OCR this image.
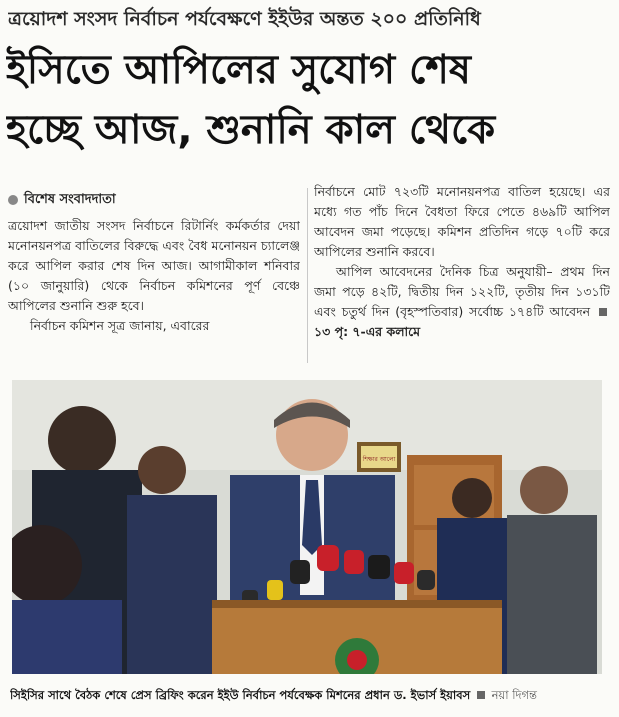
ত্রয়োদশ সংসদ নির্বাচন পর্যবেক্ষণে ইইউর অন্তত ২০০ প্রতিনিধি
ইসিতে আপিলের সুযোগ শেষ
হচ্ছে আজ, শুনানি কাল থেকে
বিশেষ সংবাদদাতা

ত্রয়োদশ জাতীয় সংসদ নির্বাচনে রিটার্নিং কর্মকর্তার দেয়া মনোনয়নপত্র বাতিলের বিরুদ্ধে এবং বৈধ মনোনয়ন চ্যালেঞ্জ করে আপিল করার শেষ দিন আজ। আগামীকাল শনিবার (১০ জানুয়ারি) থেকে নির্বাচন কমিশনের পূর্ণ বেঞ্চে আপিলের শুনানি শুরু হবে।

নির্বাচন কমিশন সূত্র জানায়, এবারের

নির্বাচনে মোট ৭২৩টি মনোনয়নপত্র বাতিল হয়েছে। এর মধ্যে গত পাঁচ দিনে বৈধতা ফিরে পেতে ৪৬৯টি আপিল আবেদন জমা পড়েছে। কমিশন প্রতিদিন গড়ে ৭০টি করে আপিলের শুনানি করবে।

আপিল আবেদনের দৈনিক চিত্র অনুযায়ী– প্রথম দিন জমা পড়ে ৪২টি, দ্বিতীয় দিন ১২২টি, তৃতীয় দিন ১৩১টি এবং চতুর্থ দিন (বৃহস্পতিবার) সর্বোচ্চ ১৭৪টি আবেদন  ১৩ পৃ: ৭-এর কলামে

শিক্ষার আলো
সিইসির সাথে বৈঠক শেষে প্রেস ব্রিফিং করেন ইইউ নির্বাচন পর্যবেক্ষক মিশনের প্রধান ড. ইভার্স ইয়াবস নয়া দিগন্ত
